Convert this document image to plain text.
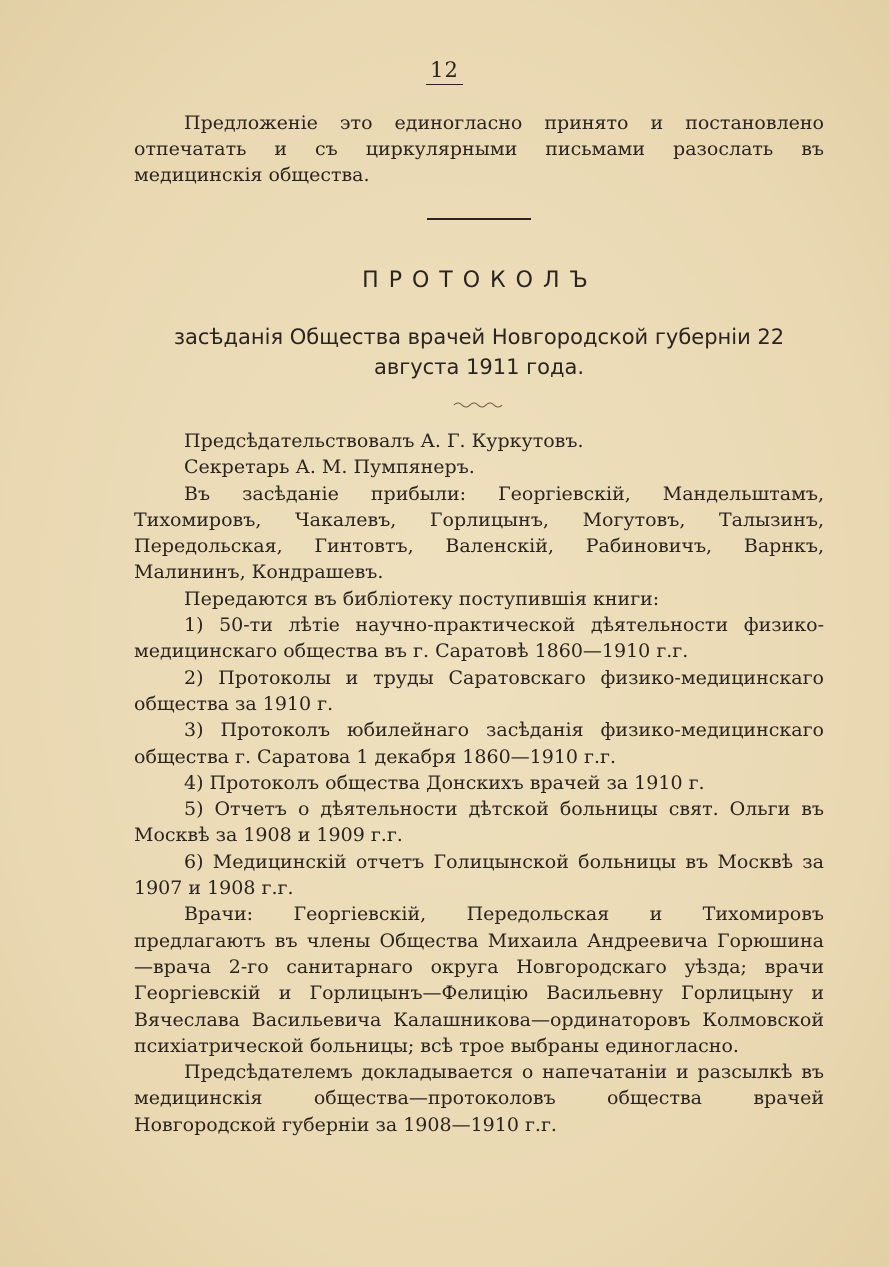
12

Предложеніе это единогласно принято и постановлено отпечатать и съ циркулярными письмами разослать въ медицинскія общества.

ПРОТОКОЛЪ
засѣданія Общества врачей Новгородской губерніи 22 августа 1911 года.

Предсѣдательствовалъ А. Г. Куркутовъ.

Секретарь А. М. Пумпянеръ.

Въ засѣданіе прибыли: Георгіевскій, Мандельштамъ, Тихомировъ, Чакалевъ, Горлицынъ, Могутовъ, Талызинъ, Передольская, Гинтовтъ, Валенскій, Рабиновичъ, Варнкъ, Малининъ, Кондрашевъ.

Передаются въ библіотеку поступившія книги:

1) 50-ти лѣтіе научно-практической дѣятельности физико-медицинскаго общества въ г. Саратовѣ 1860—1910 г.г.

2) Протоколы и труды Саратовскаго физико-медицинскаго общества за 1910 г.

3) Протоколъ юбилейнаго засѣданія физико-медицинскаго общества г. Саратова 1 декабря 1860—1910 г.г.

4) Протоколъ общества Донскихъ врачей за 1910 г.

5) Отчетъ о дѣятельности дѣтской больницы свят. Ольги въ Москвѣ за 1908 и 1909 г.г.

6) Медицинскій отчетъ Голицынской больницы въ Москвѣ за 1907 и 1908 г.г.

Врачи: Георгіевскій, Передольская и Тихомировъ предлагаютъ въ члены Общества Михаила Андреевича Горюшина—врача 2-го санитарнаго округа Новгородскаго уѣзда; врачи Георгіевскій и Горлицынъ—Фелицію Васильевну Горлицыну и Вячеслава Васильевича Калашникова—ординаторовъ Колмовской психіатрической больницы; всѣ трое выбраны единогласно.

Предсѣдателемъ докладывается о напечатаніи и разсылкѣ въ медицинскія общества—протоколовъ общества врачей Новгородской губерніи за 1908—1910 г.г.
